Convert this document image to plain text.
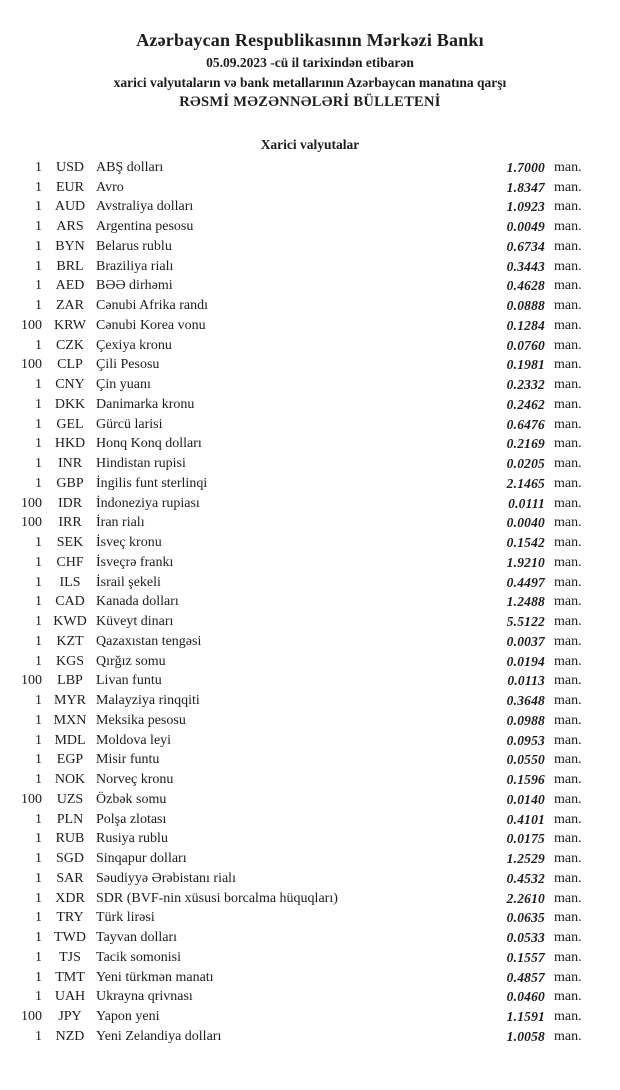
Azərbaycan Respublikasının Mərkəzi Bankı
05.09.2023 -cü il tarixindən etibarən
xarici valyutaların və bank metallarının Azərbaycan manatına qarşı
RƏSMİ MƏZƏNNƏLƏRİ BÜLLETENİ
Xarici valyutalar
1 USD ABŞ dolları	1.7000 man.
1	EUR Avro	1.8347 man.
1 AUD Avstraliya dolları	1.0923 man.
1	ARS Argentina pesosu	0.0049 man.
1 BYN Belarus rublu	0.6734 man.
1	BRL Braziliya rialı	0.3443 man.
1 AED BƏƏ dirhəmi	0.4628 man.
1	ZAR Cənubi Afrika randı	0.0888 man.
100 KRW Cənubi Korea vonu	0.1284 man.
1	CZK Çexiya kronu	0.0760 man.
100	CLP Çili Pesosu	0.1981 man.
1 CNY Çin yuanı	0.2332 man.
1 DKK Danimarka kronu	0.2462 man.
1	GEL Gürcü larisi	0.6476 man.
1 HKD Honq Konq dolları	0.2169 man.
1	INR Hindistan rupisi	0.0205 man.
1	GBP İngilis funt sterlinqi	2.1465 man.
100	IDR İndoneziya rupiası	0.0111 man.
100	IRR	İran rialı	0.0040 man.
1	SEK İsveç kronu	0.1542 man.
1	CHF İsveçrə frankı	1.9210 man.
1	ILS	İsrail şekeli	0.4497 man.
1 CAD Kanada dolları	1.2488 man.
1 KWD Küveyt dinarı	5.5122 man.
1	KZT Qazaxıstan tengəsi	0.0037 man.
1 KGS Qırğız somu	0.0194 man.
100	LBP Livan funtu	0.0113 man.
1 MYR Malayziya rinqqiti	0.3648 man.
1 MXN Meksika pesosu	0.0988 man.
1 MDL Moldova leyi	0.0953 man.
1	EGP Misir funtu	0.0550 man.
1 NOK Norveç kronu	0.1596 man.
100	UZS Özbək somu	0.0140 man.
1	PLN Polşa zlotası	0.4101 man.
1 RUB Rusiya rublu	0.0175 man.
1 SGD Sinqapur dolları	1.2529 man.
1	SAR Səudiyyə Ərəbistanı rialı	0.4532 man.
1 XDR SDR (BVF-nin xüsusi borcalma hüquqları)	2.2610 man.
1	TRY Türk lirəsi	0.0635 man.
1 TWD Tayvan dolları	0.0533 man.
1	TJS	Tacik somonisi	0.1557 man.
1 TMT Yeni türkmən manatı	0.4857 man.
1 UAH Ukrayna qrivnası	0.0460 man.
100	JPY	Yapon yeni	1.1591 man.
1 NZD Yeni Zelandiya dolları	1.0058 man.
